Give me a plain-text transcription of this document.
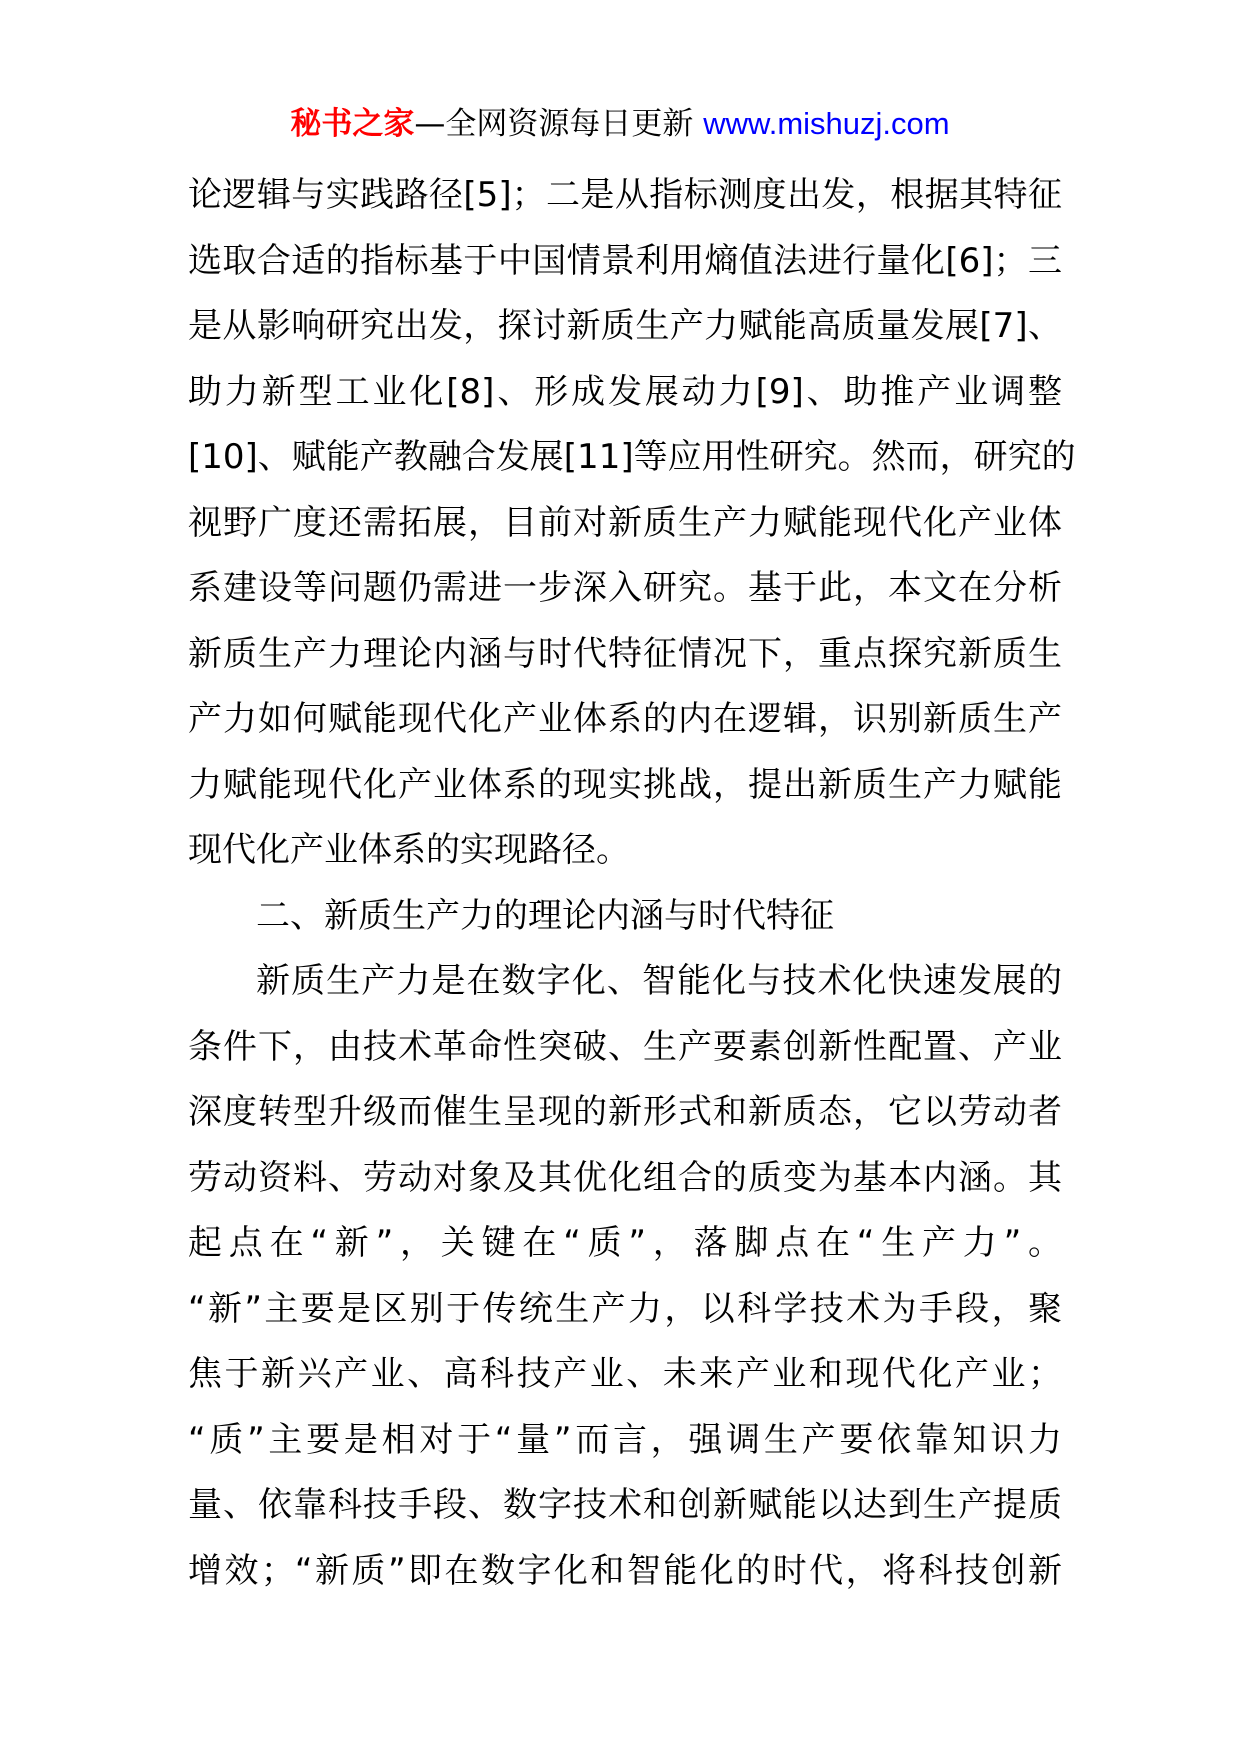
秘书之家—全网资源每日更新 www.mishuzj.com
论逻辑与实践路径[5]；二是从指标测度出发，根据其特征
选取合适的指标基于中国情景利用熵值法进行量化[6]；三
是从影响研究出发，探讨新质生产力赋能高质量发展[7]、
助力新型工业化[8]、形成发展动力[9]、助推产业调整
[10]、赋能产教融合发展[11]等应用性研究。然而，研究的
视野广度还需拓展，目前对新质生产力赋能现代化产业体
系建设等问题仍需进一步深入研究。基于此，本文在分析
新质生产力理论内涵与时代特征情况下，重点探究新质生
产力如何赋能现代化产业体系的内在逻辑，识别新质生产
力赋能现代化产业体系的现实挑战，提出新质生产力赋能
现代化产业体系的实现路径。
二、新质生产力的理论内涵与时代特征
新质生产力是在数字化、智能化与技术化快速发展的
条件下，由技术革命性突破、生产要素创新性配置、产业
深度转型升级而催生呈现的新形式和新质态，它以劳动者
劳动资料、劳动对象及其优化组合的质变为基本内涵。其
起点在“新”，关键在“质”，落脚点在“生产力”。
“新”主要是区别于传统生产力，以科学技术为手段，聚
焦于新兴产业、高科技产业、未来产业和现代化产业；
“质”主要是相对于“量”而言，强调生产要依靠知识力
量、依靠科技手段、数字技术和创新赋能以达到生产提质
增效；“新质”即在数字化和智能化的时代，将科技创新
